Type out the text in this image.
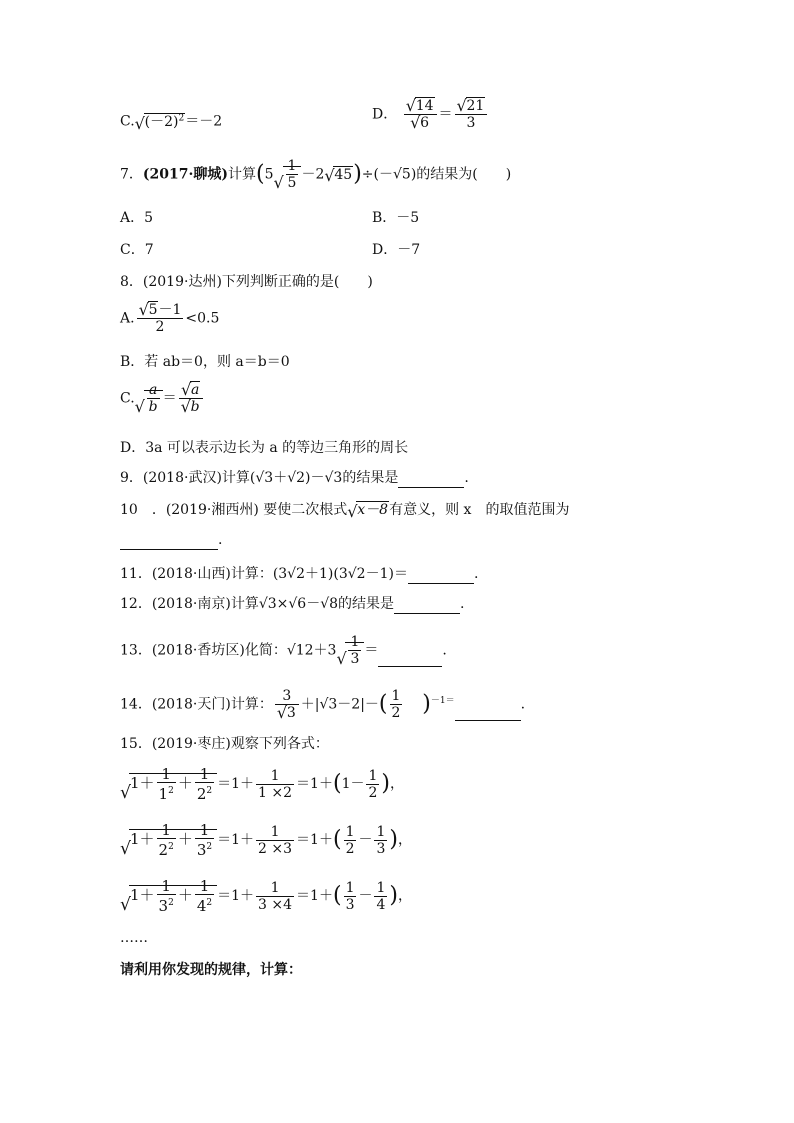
C.√ $(-2)^2=-2$	D．
√ 14
√ 6 ＝
√ $\frac{21}{3}$
7．(2017·聊城)计算(5
√ $\frac{1}{5} -2√$ 45)÷(－√5)的结果为(　　)
A．5	B．－5
C．7	D．－7
8．(2019·达州)下列判断正确的是(　　)
A.
√ $\frac{5-1}{2} <0.5$
B．若 ab＝0，则 a＝b＝0
C.
√ $\frac{a}{b}$ ＝
√ a
√ b
D．3a 可以表示边长为 a 的等边三角形的周长
9．(2018·武汉)计算(√3＋√2)－√3的结果是	.
10　．(2019·湘西州) 要使二次根式√ x－8有意义，则 x　的取值范围为
.
11．(2018·山西)计算：(3√2＋1)(3√2－1)＝	.
12．(2018·南京)计算√3×√6－√8的结果是	.
13．(2018·香坊区)化简：√12＋3
√ $\frac{1}{3}$ ＝	.
14．(2018·天门)计算： 3
√ $3 +|√3-2|-( \frac{1}{2} )^{-1=}$	.
15．(2019·枣庄)观察下列各式：
√ $1+ \frac{1}{1^2} + \frac{1}{2^2} =1+ \frac{1}{1 \times 2} =1+(1- \frac{1}{2}$ )，
√ $1+ \frac{1}{2^2} + \frac{1}{3^2} =1+ \frac{1}{2 \times 3} =1+( \frac{1}{2} - \frac{1}{3}$ )，
√ $1+ \frac{1}{3^2} + \frac{1}{4^2} =1+ \frac{1}{3 \times 4} =1+( \frac{1}{3} - \frac{1}{4}$ )，
……
请利用你发现的规律，计算：
